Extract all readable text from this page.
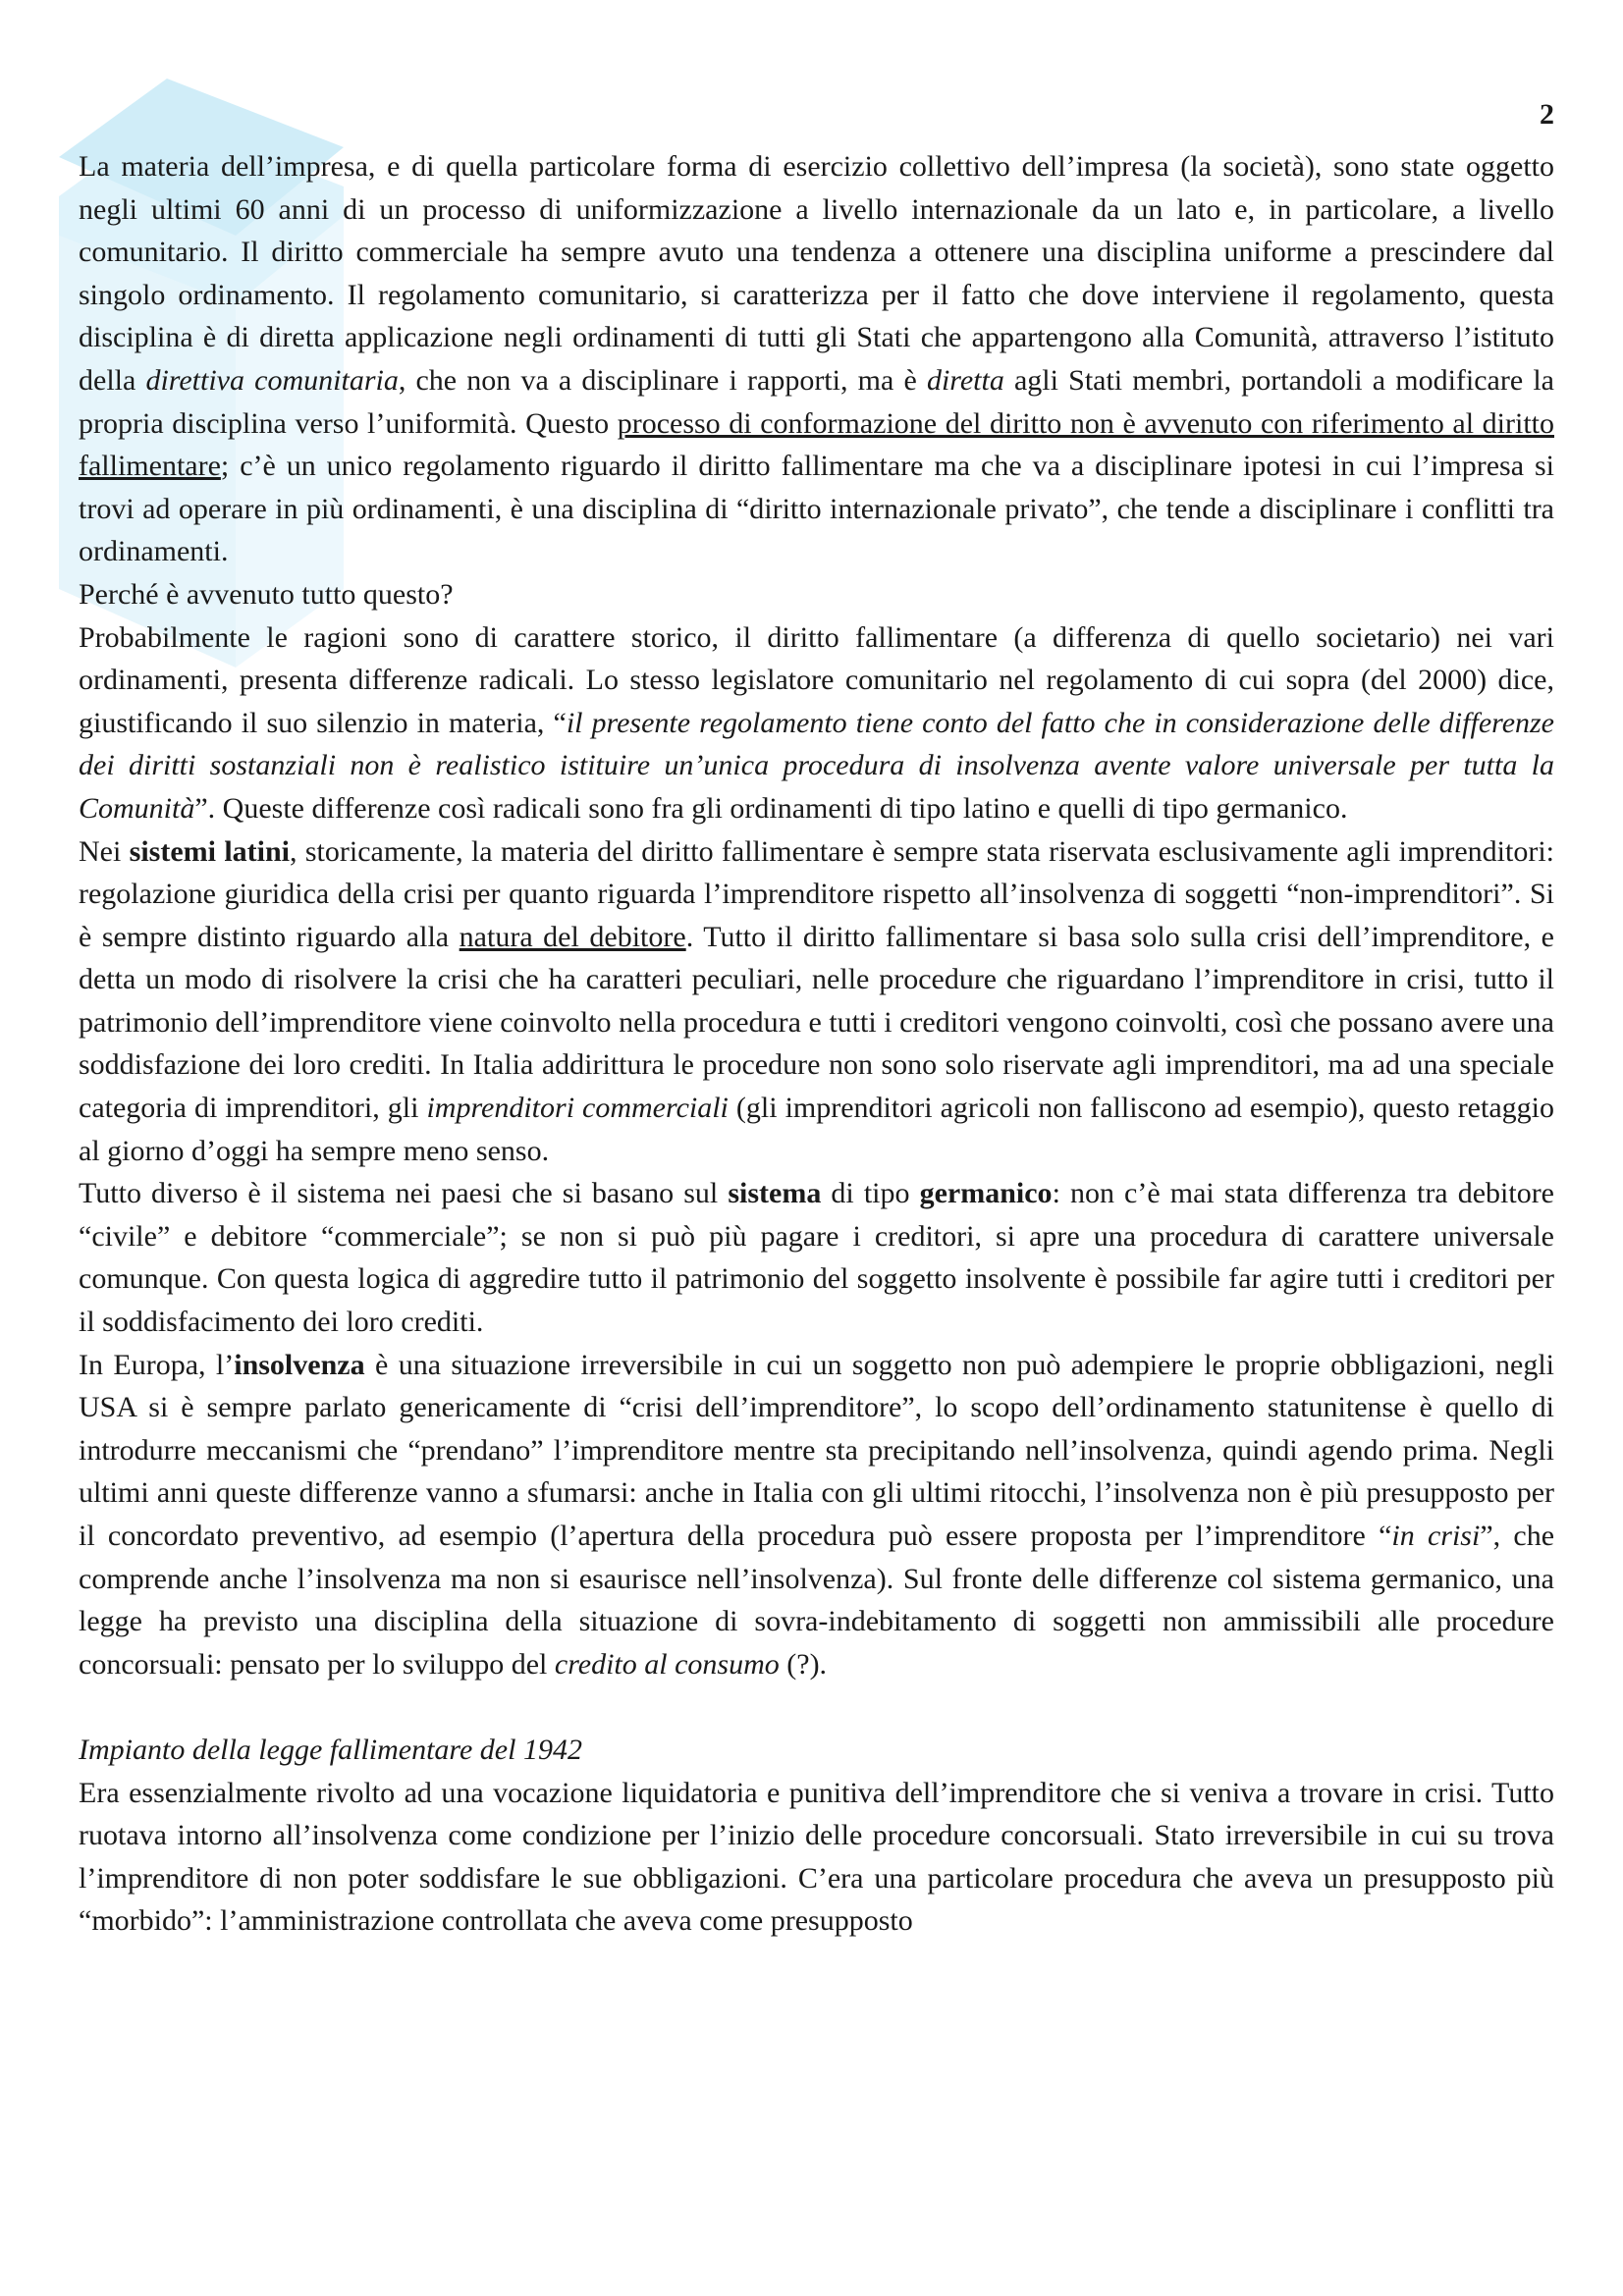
2

La materia dell’impresa, e di quella particolare forma di esercizio collettivo dell’impresa (la società), sono state oggetto negli ultimi 60 anni di un processo di uniformizzazione a livello internazionale da un lato e, in particolare, a livello comunitario. Il diritto commerciale ha sempre avuto una tendenza a ottenere una disciplina uniforme a prescindere dal singolo ordinamento. Il regolamento comunitario, si caratterizza per il fatto che dove interviene il regolamento, questa disciplina è di diretta applicazione negli ordinamenti di tutti gli Stati che appartengono alla Comunità, attraverso l’istituto della direttiva comunitaria, che non va a disciplinare i rapporti, ma è diretta agli Stati membri, portandoli a modificare la propria disciplina verso l’uniformità. Questo processo di conformazione del diritto non è avvenuto con riferimento al diritto fallimentare; c’è un unico regolamento riguardo il diritto fallimentare ma che va a disciplinare ipotesi in cui l’impresa si trovi ad operare in più ordinamenti, è una disciplina di “diritto internazionale privato”, che tende a disciplinare i conflitti tra ordinamenti.

Perché è avvenuto tutto questo?

Probabilmente le ragioni sono di carattere storico, il diritto fallimentare (a differenza di quello societario) nei vari ordinamenti, presenta differenze radicali. Lo stesso legislatore comunitario nel regolamento di cui sopra (del 2000) dice, giustificando il suo silenzio in materia, “il presente regolamento tiene conto del fatto che in considerazione delle differenze dei diritti sostanziali non è realistico istituire un’unica procedura di insolvenza avente valore universale per tutta la Comunità”. Queste differenze così radicali sono fra gli ordinamenti di tipo latino e quelli di tipo germanico.

Nei sistemi latini, storicamente, la materia del diritto fallimentare è sempre stata riservata esclusivamente agli imprenditori: regolazione giuridica della crisi per quanto riguarda l’imprenditore rispetto all’insolvenza di soggetti “non-imprenditori”. Si è sempre distinto riguardo alla natura del debitore. Tutto il diritto fallimentare si basa solo sulla crisi dell’imprenditore, e detta un modo di risolvere la crisi che ha caratteri peculiari, nelle procedure che riguardano l’imprenditore in crisi, tutto il patrimonio dell’imprenditore viene coinvolto nella procedura e tutti i creditori vengono coinvolti, così che possano avere una soddisfazione dei loro crediti. In Italia addirittura le procedure non sono solo riservate agli imprenditori, ma ad una speciale categoria di imprenditori, gli imprenditori commerciali (gli imprenditori agricoli non falliscono ad esempio), questo retaggio al giorno d’oggi ha sempre meno senso.

Tutto diverso è il sistema nei paesi che si basano sul sistema di tipo germanico: non c’è mai stata differenza tra debitore “civile” e debitore “commerciale”; se non si può più pagare i creditori, si apre una procedura di carattere universale comunque. Con questa logica di aggredire tutto il patrimonio del soggetto insolvente è possibile far agire tutti i creditori per il soddisfacimento dei loro crediti.

In Europa, l’insolvenza è una situazione irreversibile in cui un soggetto non può adempiere le proprie obbligazioni, negli USA si è sempre parlato genericamente di “crisi dell’imprenditore”, lo scopo dell’ordinamento statunitense è quello di introdurre meccanismi che “prendano” l’imprenditore mentre sta precipitando nell’insolvenza, quindi agendo prima. Negli ultimi anni queste differenze vanno a sfumarsi: anche in Italia con gli ultimi ritocchi, l’insolvenza non è più presupposto per il concordato preventivo, ad esempio (l’apertura della procedura può essere proposta per l’imprenditore “in crisi”, che comprende anche l’insolvenza ma non si esaurisce nell’insolvenza). Sul fronte delle differenze col sistema germanico, una legge ha previsto una disciplina della situazione di sovra-indebitamento di soggetti non ammissibili alle procedure concorsuali: pensato per lo sviluppo del credito al consumo (?).

Impianto della legge fallimentare del 1942

Era essenzialmente rivolto ad una vocazione liquidatoria e punitiva dell’imprenditore che si veniva a trovare in crisi. Tutto ruotava intorno all’insolvenza come condizione per l’inizio delle procedure concorsuali. Stato irreversibile in cui su trova l’imprenditore di non poter soddisfare le sue obbligazioni. C’era una particolare procedura che aveva un presupposto più “morbido”: l’amministrazione controllata che aveva come presupposto
